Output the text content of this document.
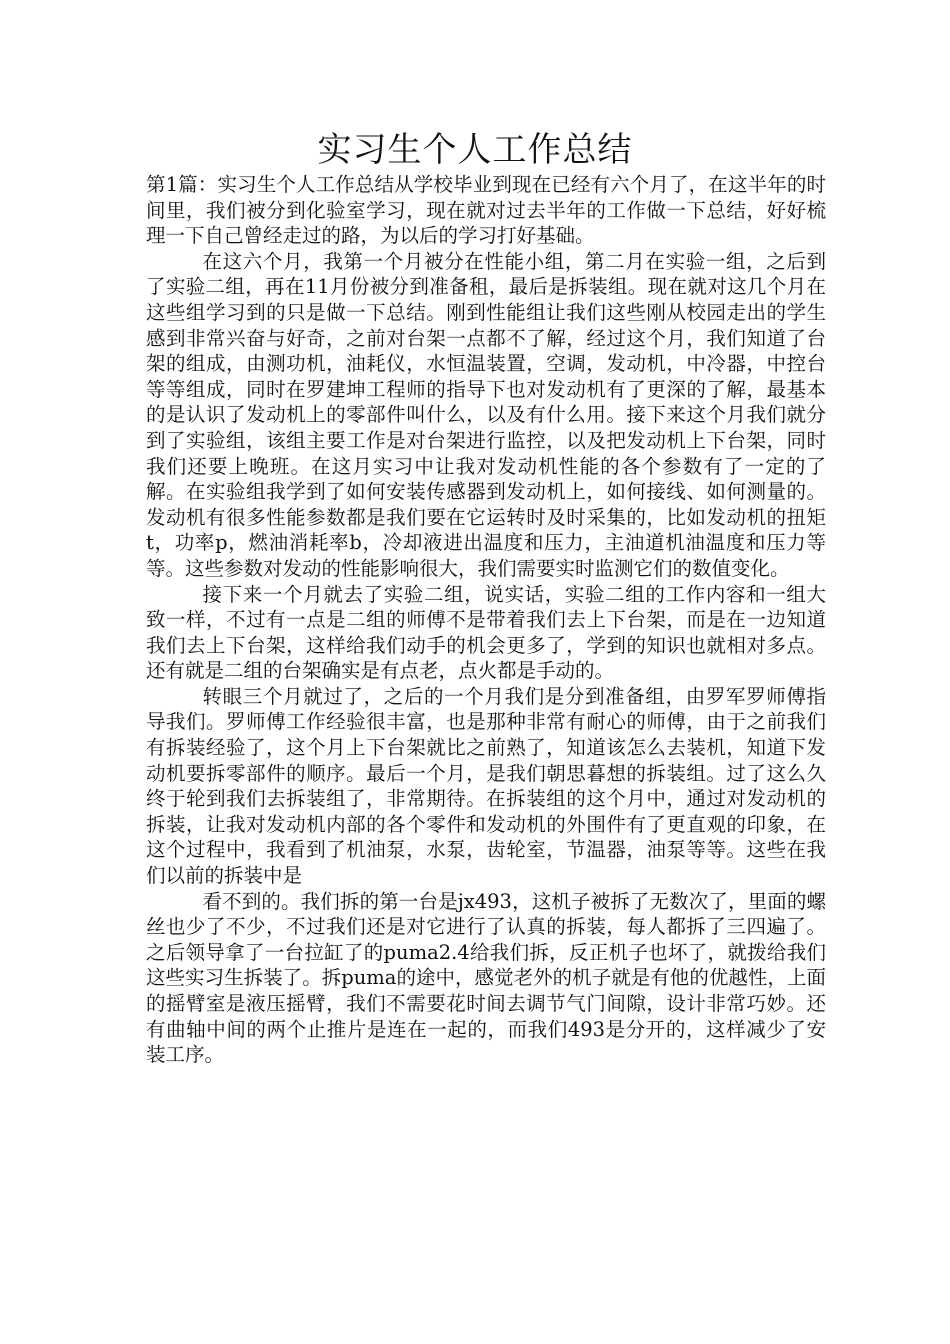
实习生个人工作总结

第1篇：实习生个人工作总结从学校毕业到现在已经有六个月了，在这半年的时间里，我们被分到化验室学习，现在就对过去半年的工作做一下总结，好好梳理一下自己曾经走过的路，为以后的学习打好基础。

在这六个月，我第一个月被分在性能小组，第二月在实验一组，之后到了实验二组，再在11月份被分到准备租，最后是拆装组。现在就对这几个月在这些组学习到的只是做一下总结。刚到性能组让我们这些刚从校园走出的学生感到非常兴奋与好奇，之前对台架一点都不了解，经过这个月，我们知道了台架的组成，由测功机，油耗仪，水恒温装置，空调，发动机，中冷器，中控台等等组成，同时在罗建坤工程师的指导下也对发动机有了更深的了解，最基本的是认识了发动机上的零部件叫什么，以及有什么用。接下来这个月我们就分到了实验组，该组主要工作是对台架进行监控，以及把发动机上下台架，同时我们还要上晚班。在这月实习中让我对发动机性能的各个参数有了一定的了解。在实验组我学到了如何安装传感器到发动机上，如何接线、如何测量的。发动机有很多性能参数都是我们要在它运转时及时采集的，比如发动机的扭矩t，功率p，燃油消耗率b，冷却液进出温度和压力，主油道机油温度和压力等等。这些参数对发动的性能影响很大，我们需要实时监测它们的数值变化。

接下来一个月就去了实验二组，说实话，实验二组的工作内容和一组大致一样，不过有一点是二组的师傅不是带着我们去上下台架，而是在一边知道我们去上下台架，这样给我们动手的机会更多了，学到的知识也就相对多点。还有就是二组的台架确实是有点老，点火都是手动的。

转眼三个月就过了，之后的一个月我们是分到准备组，由罗军罗师傅指导我们。罗师傅工作经验很丰富，也是那种非常有耐心的师傅，由于之前我们有拆装经验了，这个月上下台架就比之前熟了，知道该怎么去装机，知道下发动机要拆零部件的顺序。最后一个月，是我们朝思暮想的拆装组。过了这么久终于轮到我们去拆装组了，非常期待。在拆装组的这个月中，通过对发动机的拆装，让我对发动机内部的各个零件和发动机的外围件有了更直观的印象，在这个过程中，我看到了机油泵，水泵，齿轮室，节温器，油泵等等。这些在我们以前的拆装中是

看不到的。我们拆的第一台是jx493，这机子被拆了无数次了，里面的螺丝也少了不少，不过我们还是对它进行了认真的拆装，每人都拆了三四遍了。之后领导拿了一台拉缸了的puma2.4给我们拆，反正机子也坏了，就拨给我们这些实习生拆装了。拆puma的途中，感觉老外的机子就是有他的优越性，上面的摇臂室是液压摇臂，我们不需要花时间去调节气门间隙，设计非常巧妙。还有曲轴中间的两个止推片是连在一起的，而我们493是分开的，这样减少了安装工序。
